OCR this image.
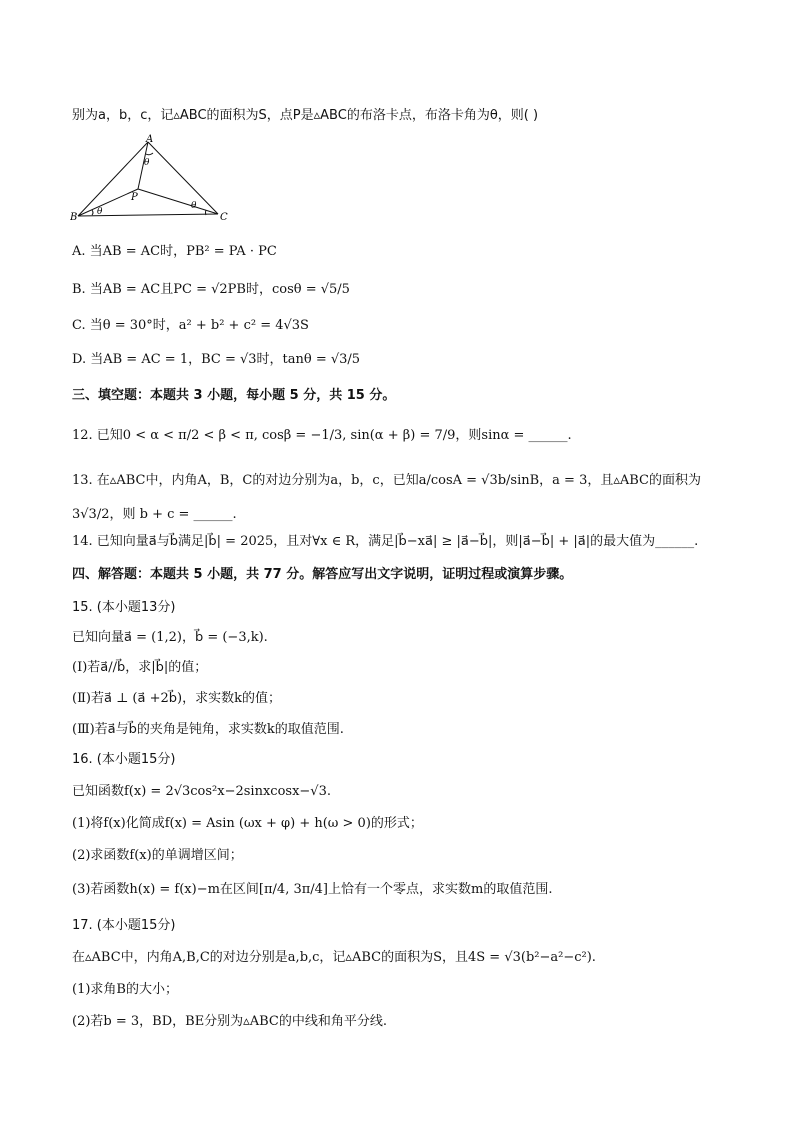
别为a，b，c，记▵ABC的面积为S，点P是▵ABC的布洛卡点，布洛卡角为θ，则( )
A
B	C
P
θ
θ
θ
A. 当AB = AC时，PB² = PA · PC
B. 当AB = AC且PC = √2PB时，cosθ = √5/5
C. 当θ = 30°时，a² + b² + c² = 4√3S
D. 当AB = AC = 1，BC = √3时，tanθ = √3/5
三、填空题：本题共 3 小题，每小题 5 分，共 15 分。
12. 已知0 < α < π/2 < β < π, cosβ = −1/3, sin(α + β) = 7/9，则sinα = ______.
13. 在▵ABC中，内角A，B，C的对边分别为a，b，c，已知a/cosA = √3b/sinB，a = 3，且▵ABC的面积为3√3/2，则 b + c = ______.
14. 已知向量a⃗与b⃗满足|b⃗| = 2025，且对∀x ∈ R，满足|b⃗−xa⃗| ≥ |a⃗−b⃗|，则|a⃗−b⃗| + |a⃗|的最大值为______.
四、解答题：本题共 5 小题，共 77 分。解答应写出文字说明，证明过程或演算步骤。
15. (本小题13分)
已知向量a⃗ = (1,2)，b⃗ = (−3,k).
(Ⅰ)若a⃗//b⃗，求|b⃗|的值；
(Ⅱ)若a⃗ ⊥ (a⃗ +2b⃗)，求实数k的值；
(Ⅲ)若a⃗与b⃗的夹角是钝角，求实数k的取值范围.
16. (本小题15分)
已知函数f(x) = 2√3cos²x−2sinxcosx−√3.
(1)将f(x)化简成f(x) = Asin (ωx + φ) + h(ω > 0)的形式；
(2)求函数f(x)的单调增区间；
(3)若函数h(x) = f(x)−m在区间[π/4, 3π/4]上恰有一个零点，求实数m的取值范围.
17. (本小题15分)
在▵ABC中，内角A,B,C的对边分别是a,b,c，记▵ABC的面积为S，且4S = √3(b²−a²−c²).
(1)求角B的大小；
(2)若b = 3，BD，BE分别为▵ABC的中线和角平分线.
